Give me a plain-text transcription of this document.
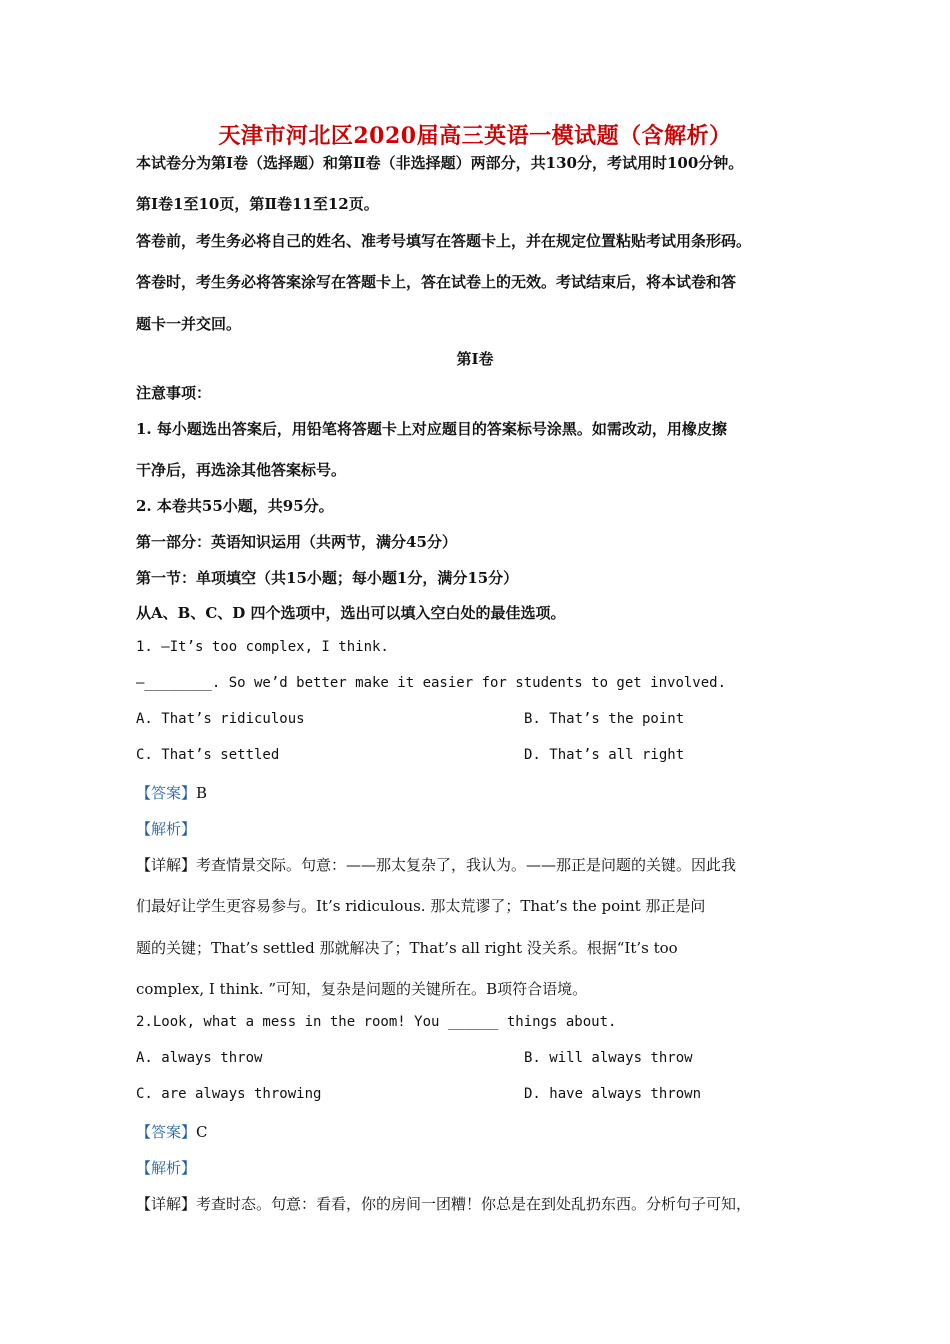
天津市河北区2020届高三英语一模试题（含解析）
本试卷分为第Ⅰ卷（选择题）和第Ⅱ卷（非选择题）两部分，共130分，考试用时100分钟。
第Ⅰ卷1至10页，第Ⅱ卷11至12页。
答卷前，考生务必将自己的姓名、准考号填写在答题卡上，并在规定位置粘贴考试用条形码。
答卷时，考生务必将答案涂写在答题卡上，答在试卷上的无效。考试结束后，将本试卷和答
题卡一并交回。
第Ⅰ卷
注意事项：
1. 每小题选出答案后，用铅笔将答题卡上对应题目的答案标号涂黑。如需改动，用橡皮擦
干净后，再选涂其他答案标号。
2. 本卷共55小题，共95分。
第一部分：英语知识运用（共两节，满分45分）
第一节：单项填空（共15小题；每小题1分，满分15分）
从A、B、C、D 四个选项中，选出可以填入空白处的最佳选项。
1. —It’s too complex, I think.
—________. So we’d better make it easier for students to get involved.
A. That’s ridiculous	B. That’s the point
C. That’s settled	D. That’s all right
【答案】B
【解析】
【详解】考查情景交际。句意：——那太复杂了，我认为。——那正是问题的关键。因此我
们最好让学生更容易参与。It’s ridiculous. 那太荒谬了；That’s the point 那正是问
题的关键；That’s settled 那就解决了；That’s all right 没关系。根据“It’s too
complex, I think. ”可知，复杂是问题的关键所在。B项符合语境。
2.Look, what a mess in the room! You ______ things about.
A. always throw	B. will always throw
C. are always throwing	D. have always thrown
【答案】C
【解析】
【详解】考查时态。句意：看看，你的房间一团糟！你总是在到处乱扔东西。分析句子可知，
